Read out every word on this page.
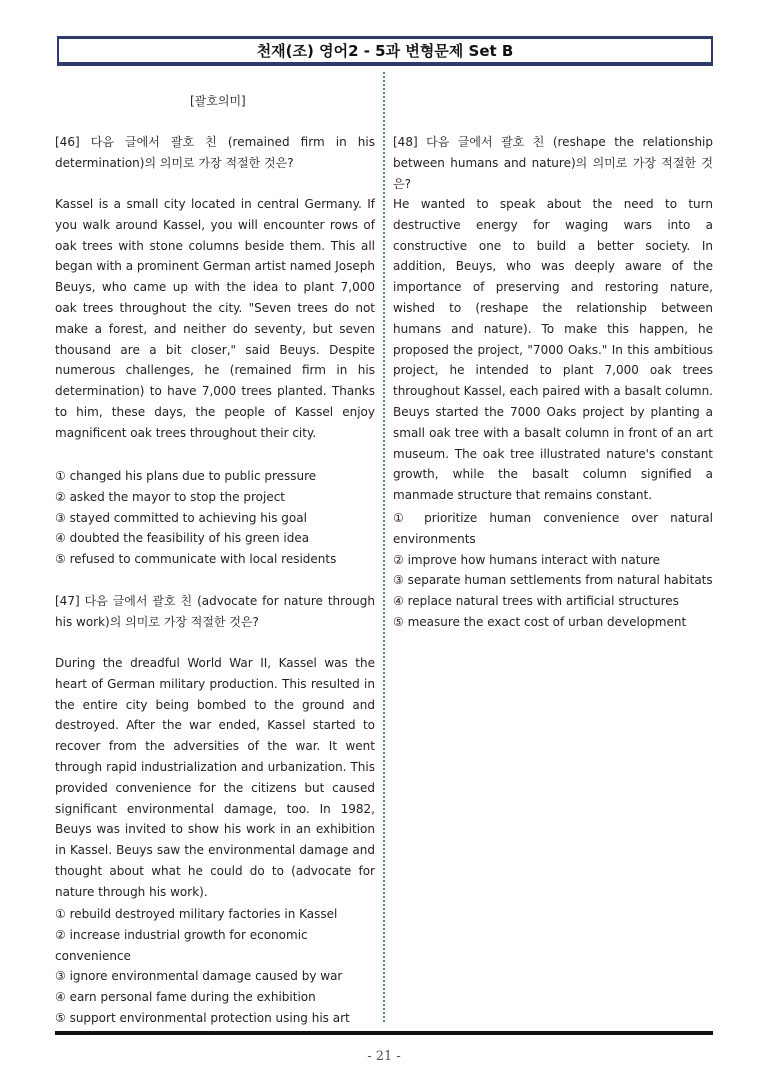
천재(조) 영어2 - 5과 변형문제 Set B
[괄호의미]

[46] 다음 글에서 괄호 친 (remained firm in his determination)의 의미로 가장 적절한 것은?

Kassel is a small city located in central Germany. If you walk around Kassel, you will encounter rows of oak trees with stone columns beside them. This all began with a prominent German artist named Joseph Beuys, who came up with the idea to plant 7,000 oak trees throughout the city. "Seven trees do not make a forest, and neither do seventy, but seven thousand are a bit closer," said Beuys. Despite numerous challenges, he (remained firm in his determination) to have 7,000 trees planted. Thanks to him, these days, the people of Kassel enjoy magnificent oak trees throughout their city.

① changed his plans due to public pressure
② asked the mayor to stop the project
③ stayed committed to achieving his goal
④ doubted the feasibility of his green idea
⑤ refused to communicate with local residents

[47] 다음 글에서 괄호 친 (advocate for nature through his work)의 의미로 가장 적절한 것은?

During the dreadful World War II, Kassel was the heart of German military production. This resulted in the entire city being bombed to the ground and destroyed. After the war ended, Kassel started to recover from the adversities of the war. It went through rapid industrialization and urbanization. This provided convenience for the citizens but caused significant environmental damage, too. In 1982, Beuys was invited to show his work in an exhibition in Kassel. Beuys saw the environmental damage and thought about what he could do to (advocate for nature through his work).

① rebuild destroyed military factories in Kassel
② increase industrial growth for economic convenience
③ ignore environmental damage caused by war
④ earn personal fame during the exhibition
⑤ support environmental protection using his art

[48] 다음 글에서 괄호 친 (reshape the relationship between humans and nature)의 의미로 가장 적절한 것은?

He wanted to speak about the need to turn destructive energy for waging wars into a constructive one to build a better society. In addition, Beuys, who was deeply aware of the importance of preserving and restoring nature, wished to (reshape the relationship between humans and nature). To make this happen, he proposed the project, "7000 Oaks." In this ambitious project, he intended to plant 7,000 oak trees throughout Kassel, each paired with a basalt column. Beuys started the 7000 Oaks project by planting a small oak tree with a basalt column in front of an art museum. The oak tree illustrated nature's constant growth, while the basalt column signified a manmade structure that remains constant.

① prioritize human convenience over natural environments
② improve how humans interact with nature
③ separate human settlements from natural habitats
④ replace natural trees with artificial structures
⑤ measure the exact cost of urban development
- 21 -
